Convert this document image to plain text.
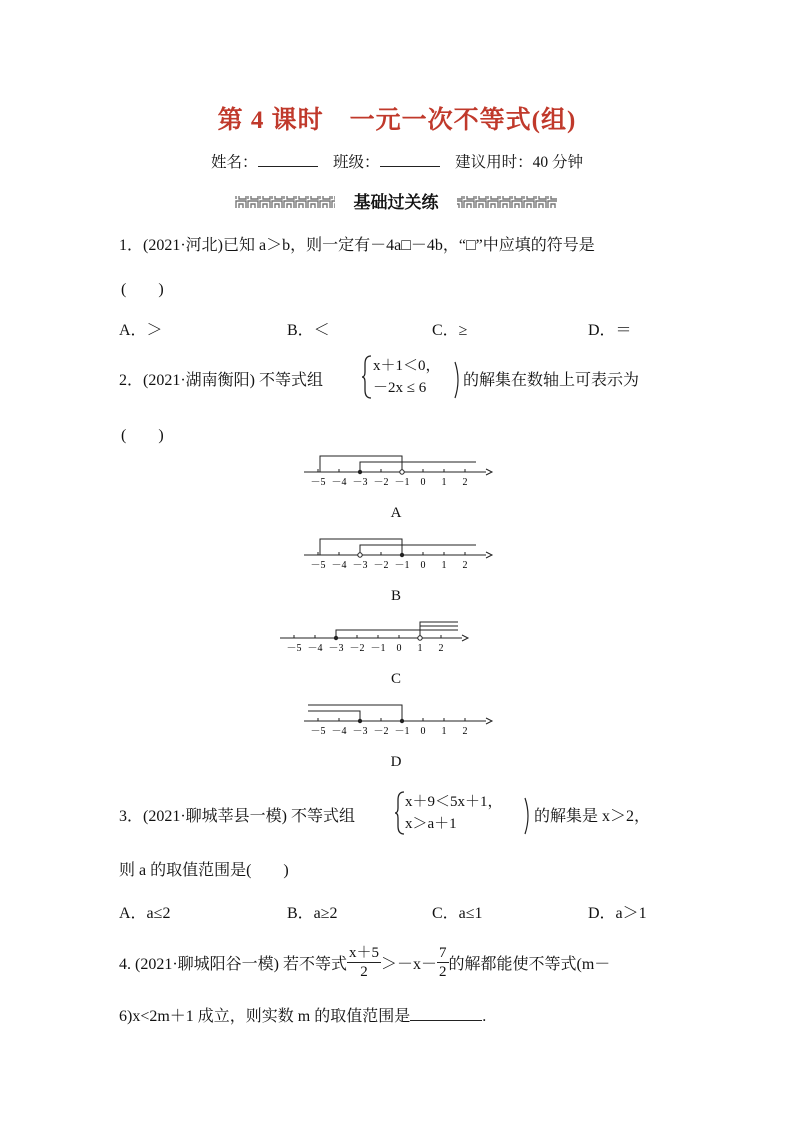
第 4 课时　一元一次不等式(组)
姓名：	班级：	建议用时：40 分钟
基础过关练
1．(2021·河北)已知 a＞b，则一定有－4a□－4b，“□”中应填的符号是
(　　)
A．＞	B．＜	C．≥	D．＝
2．(2021·湖南衡阳) 不等式组
x＋1＜0，
－2x ≤ 6 的解集在数轴上可表示为
(　　)
－5 －4 －3 －2 －1 0 1 2
A
－5 －4 －3 －2 －1 0 1 2
B
－5 －4 －3 －2 －1 0 1 2
C
－5 －4 －3 －2 －1 0 1 2
D
3．(2021·聊城莘县一模) 不等式组
x＋9＜5x＋1，
x＞a＋1	的解集是 x＞2，
则 a 的取值范围是(　　)
A．a≤2	B．a≥2	C．a≤1	D．a＞1
4. (2021·聊城阳谷一模) 若不等式 $\frac{x+5}{2} >-x- \frac{7}{2}$ 的解都能使不等式(m－
6)x<2m＋1 成立，则实数 m 的取值范围是	.
